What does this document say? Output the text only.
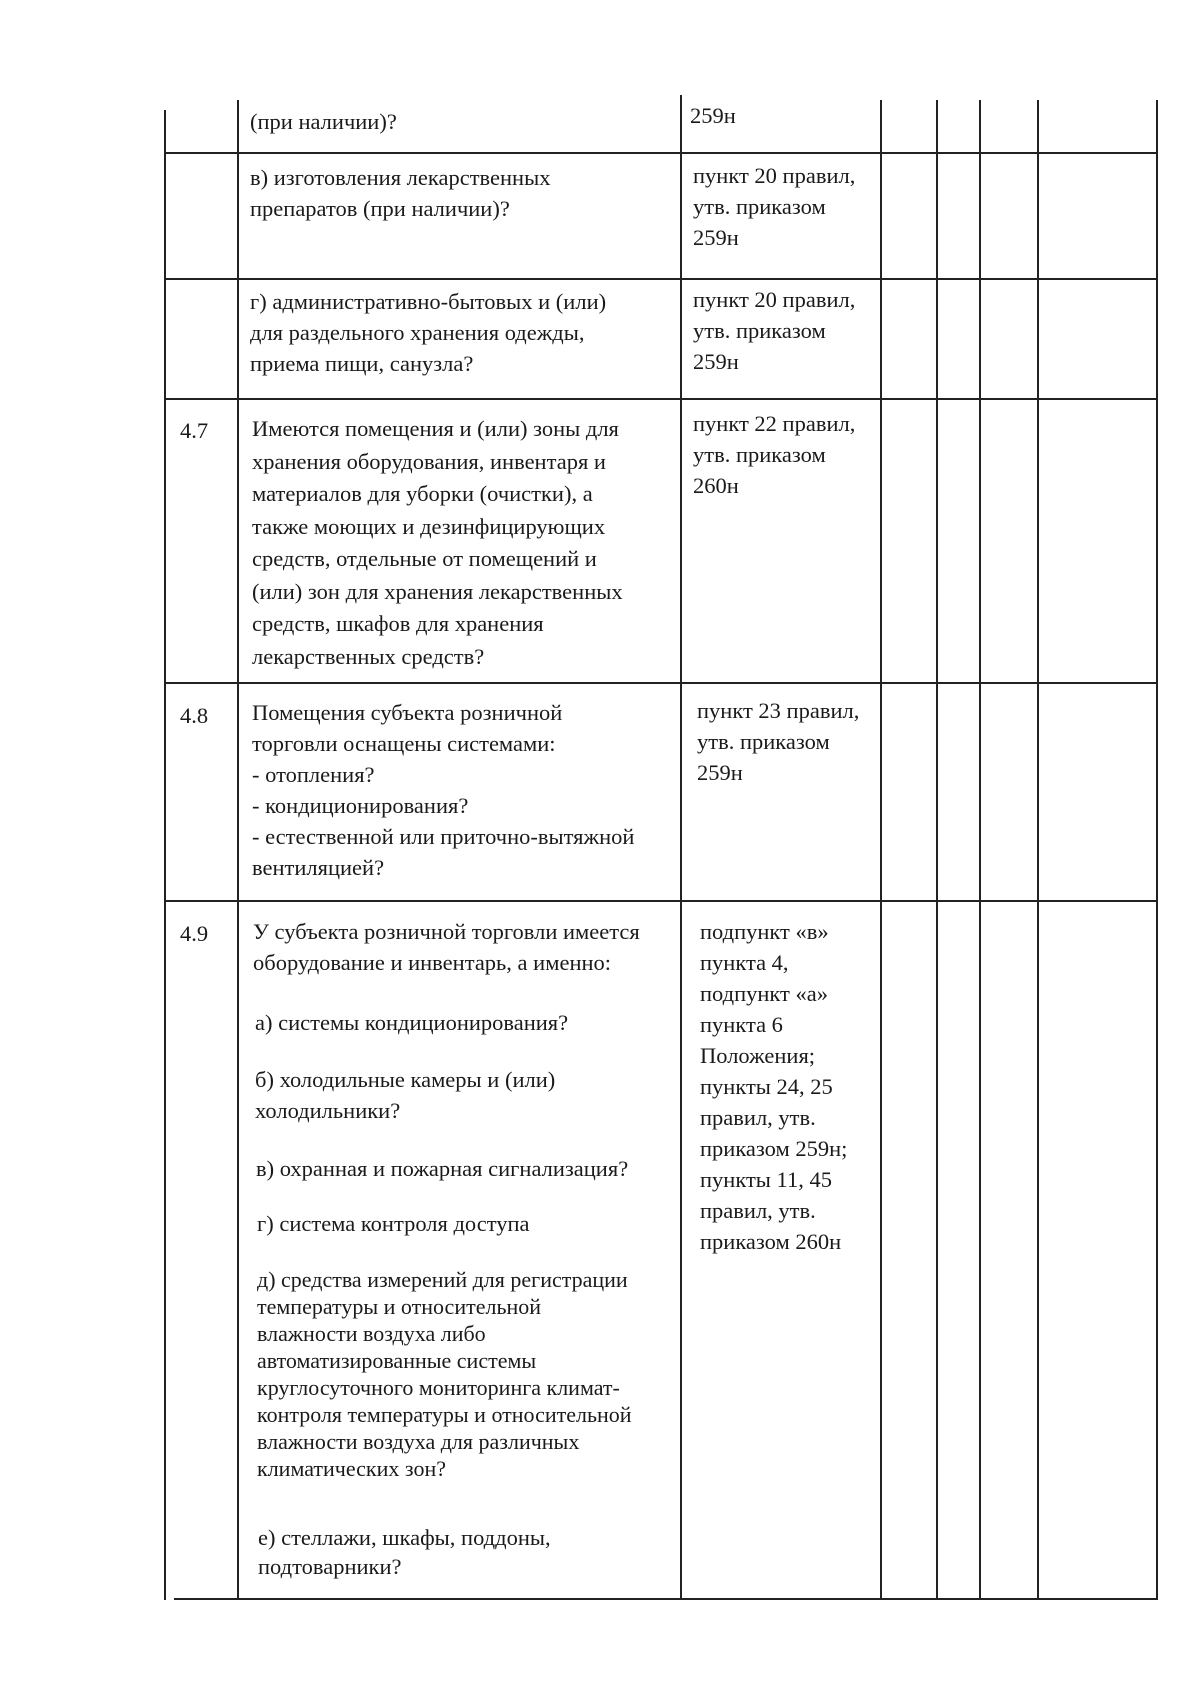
(при наличии)?	259н
в) изготовления лекарственных
препаратов (при наличии)?
пункт 20 правил,
утв. приказом
259н
г) административно-бытовых и (или)
для раздельного хранения одежды,
приема пищи, санузла?
пункт 20 правил,
утв. приказом
259н
4.7 Имеются помещения и (или) зоны для
хранения оборудования, инвентаря и
материалов для уборки (очистки), а
также моющих и дезинфицирующих
средств, отдельные от помещений и
(или) зон для хранения лекарственных
средств, шкафов для хранения
лекарственных средств?
пункт 22 правил,
утв. приказом
260н
4.8 Помещения субъекта розничной
торговли оснащены системами:
- отопления?
- кондиционирования?
- естественной или приточно-вытяжной
вентиляцией?
пункт 23 правил,
утв. приказом
259н
4.9 У субъекта розничной торговли имеется
оборудование и инвентарь, а именно:
а) системы кондиционирования?
б) холодильные камеры и (или)
холодильники?
в) охранная и пожарная сигнализация?
г) система контроля доступа
д) средства измерений для регистрации
температуры и относительной
влажности воздуха либо
автоматизированные системы
круглосуточного мониторинга климат-
контроля температуры и относительной
влажности воздуха для различных
климатических зон?
е) стеллажи, шкафы, поддоны,
подтоварники?
подпункт «в»
пункта 4,
подпункт «а»
пункта 6
Положения;
пункты 24, 25
правил, утв.
приказом 259н;
пункты 11, 45
правил, утв.
приказом 260н
